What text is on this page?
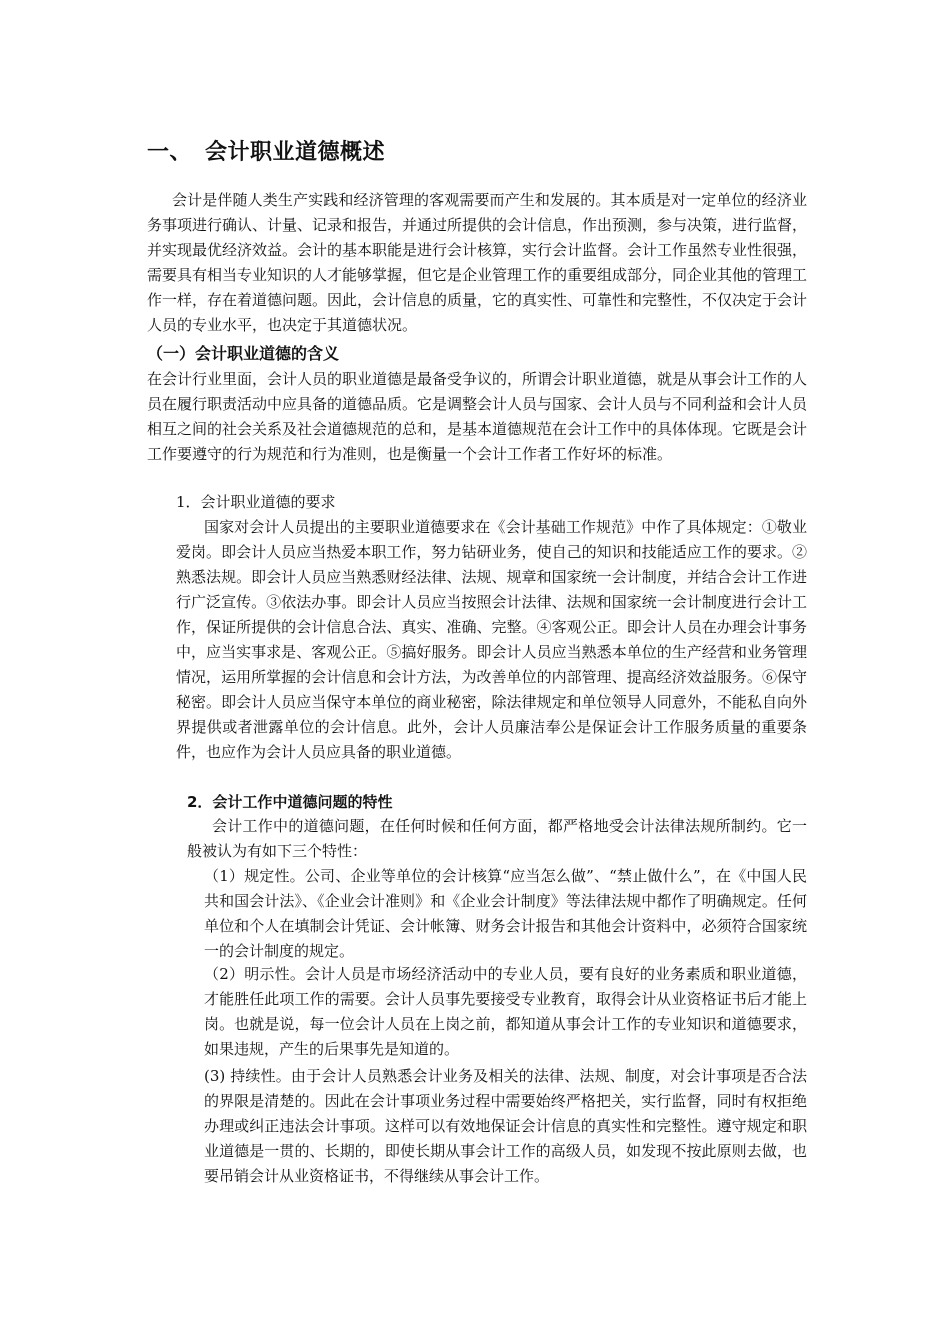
一、 会计职业道德概述

会计是伴随人类生产实践和经济管理的客观需要而产生和发展的。其本质是对一定单位的经济业务事项进行确认、计量、记录和报告，并通过所提供的会计信息，作出预测，参与决策，进行监督，并实现最优经济效益。会计的基本职能是进行会计核算，实行会计监督。会计工作虽然专业性很强，需要具有相当专业知识的人才能够掌握，但它是企业管理工作的重要组成部分，同企业其他的管理工作一样，存在着道德问题。因此，会计信息的质量，它的真实性、可靠性和完整性，不仅决定于会计人员的专业水平，也决定于其道德状况。

（一）会计职业道德的含义

在会计行业里面，会计人员的职业道德是最备受争议的，所谓会计职业道德，就是从事会计工作的人员在履行职责活动中应具备的道德品质。它是调整会计人员与国家、会计人员与不同利益和会计人员相互之间的社会关系及社会道德规范的总和，是基本道德规范在会计工作中的具体体现。它既是会计工作要遵守的行为规范和行为准则，也是衡量一个会计工作者工作好坏的标准。

1．会计职业道德的要求

国家对会计人员提出的主要职业道德要求在《会计基础工作规范》中作了具体规定：①敬业爱岗。即会计人员应当热爱本职工作，努力钻研业务，使自己的知识和技能适应工作的要求。②熟悉法规。即会计人员应当熟悉财经法律、法规、规章和国家统一会计制度，并结合会计工作进行广泛宣传。③依法办事。即会计人员应当按照会计法律、法规和国家统一会计制度进行会计工作，保证所提供的会计信息合法、真实、准确、完整。④客观公正。即会计人员在办理会计事务中，应当实事求是、客观公正。⑤搞好服务。即会计人员应当熟悉本单位的生产经营和业务管理情况，运用所掌握的会计信息和会计方法，为改善单位的内部管理、提高经济效益服务。⑥保守秘密。即会计人员应当保守本单位的商业秘密，除法律规定和单位领导人同意外，不能私自向外界提供或者泄露单位的会计信息。此外，会计人员廉洁奉公是保证会计工作服务质量的重要条件，也应作为会计人员应具备的职业道德。

2．会计工作中道德问题的特性

会计工作中的道德问题，在任何时候和任何方面，都严格地受会计法律法规所制约。它一般被认为有如下三个特性：

（1）规定性。公司、企业等单位的会计核算“应当怎么做”、“禁止做什么”，在《中国人民共和国会计法》、《企业会计准则》和《企业会计制度》等法律法规中都作了明确规定。任何单位和个人在填制会计凭证、会计帐簿、财务会计报告和其他会计资料中，必须符合国家统一的会计制度的规定。

（2）明示性。会计人员是市场经济活动中的专业人员，要有良好的业务素质和职业道德，才能胜任此项工作的需要。会计人员事先要接受专业教育，取得会计从业资格证书后才能上岗。也就是说，每一位会计人员在上岗之前，都知道从事会计工作的专业知识和道德要求，如果违规，产生的后果事先是知道的。

(3) 持续性。由于会计人员熟悉会计业务及相关的法律、法规、制度，对会计事项是否合法的界限是清楚的。因此在会计事项业务过程中需要始终严格把关，实行监督，同时有权拒绝办理或纠正违法会计事项。这样可以有效地保证会计信息的真实性和完整性。遵守规定和职业道德是一贯的、长期的，即使长期从事会计工作的高级人员，如发现不按此原则去做，也要吊销会计从业资格证书，不得继续从事会计工作。
